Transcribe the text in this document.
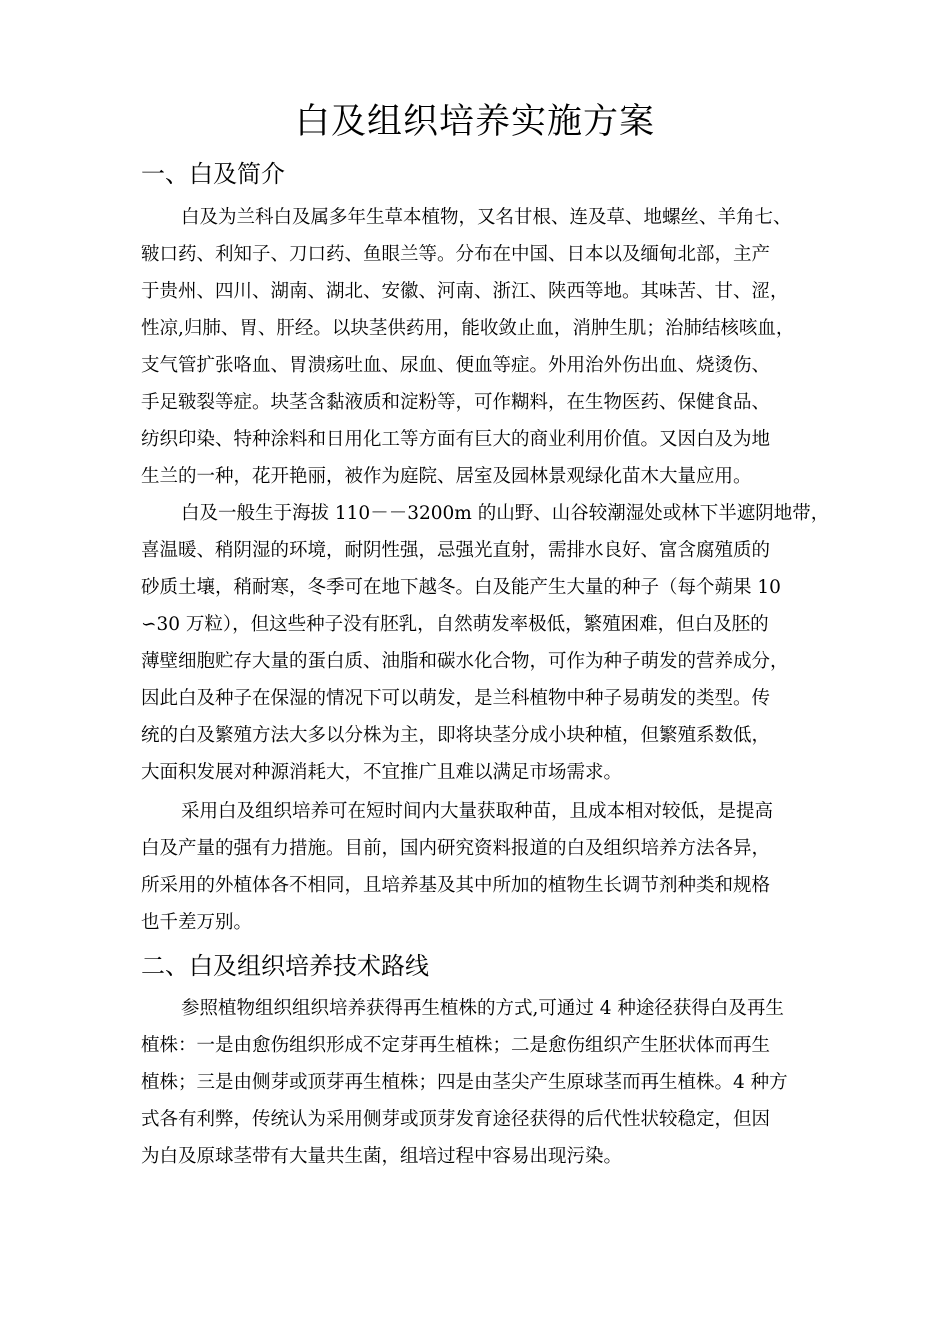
白及组织培养实施方案
一、白及简介
白及为兰科白及属多年生草本植物，又名甘根、连及草、地螺丝、羊角七、
皲口药、利知子、刀口药、鱼眼兰等。分布在中国、日本以及缅甸北部，主产
于贵州、四川、湖南、湖北、安徽、河南、浙江、陕西等地。其味苦、甘、涩，
性凉,归肺、胃、肝经。以块茎供药用，能收敛止血，消肿生肌；治肺结核咳血，
支气管扩张咯血、胃溃疡吐血、尿血、便血等症。外用治外伤出血、烧烫伤、
手足皲裂等症。块茎含黏液质和淀粉等，可作糊料，在生物医药、保健食品、
纺织印染、特种涂料和日用化工等方面有巨大的商业利用价值。又因白及为地
生兰的一种，花开艳丽，被作为庭院、居室及园林景观绿化苗木大量应用。
白及一般生于海拔 110－－3200m 的山野、山谷较潮湿处或林下半遮阴地带，
喜温暖、稍阴湿的环境，耐阴性强，忌强光直射，需排水良好、富含腐殖质的
砂质土壤，稍耐寒，冬季可在地下越冬。白及能产生大量的种子（每个蒴果 10
∽30 万粒），但这些种子没有胚乳，自然萌发率极低，繁殖困难，但白及胚的
薄壁细胞贮存大量的蛋白质、油脂和碳水化合物，可作为种子萌发的营养成分，
因此白及种子在保湿的情况下可以萌发，是兰科植物中种子易萌发的类型。传
统的白及繁殖方法大多以分株为主，即将块茎分成小块种植，但繁殖系数低，
大面积发展对种源消耗大，不宜推广且难以满足市场需求。
采用白及组织培养可在短时间内大量获取种苗，且成本相对较低，是提高
白及产量的强有力措施。目前，国内研究资料报道的白及组织培养方法各异，
所采用的外植体各不相同，且培养基及其中所加的植物生长调节剂种类和规格
也千差万别。
二、白及组织培养技术路线
参照植物组织组织培养获得再生植株的方式,可通过 4 种途径获得白及再生
植株：一是由愈伤组织形成不定芽再生植株；二是愈伤组织产生胚状体而再生
植株；三是由侧芽或顶芽再生植株；四是由茎尖产生原球茎而再生植株。4 种方
式各有利弊，传统认为采用侧芽或顶芽发育途径获得的后代性状较稳定，但因
为白及原球茎带有大量共生菌，组培过程中容易出现污染。
